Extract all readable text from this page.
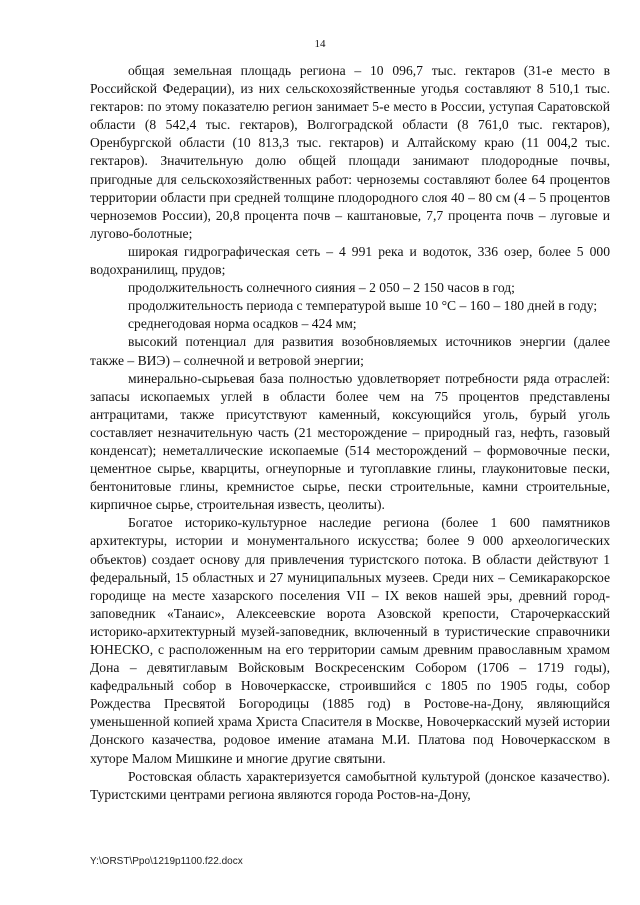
14

общая земельная площадь региона – 10 096,7 тыс. гектаров (31-е место в Российской Федерации), из них сельскохозяйственные угодья составляют 8 510,1 тыс. гектаров: по этому показателю регион занимает 5-е место в России, уступая Саратовской области (8 542,4 тыс. гектаров), Волгоградской области (8 761,0 тыс. гектаров), Оренбургской области (10 813,3 тыс. гектаров) и Алтайскому краю (11 004,2 тыс. гектаров). Значительную долю общей площади занимают плодородные почвы, пригодные для сельскохозяйственных работ: черноземы составляют более 64 процентов территории области при средней толщине плодородного слоя 40 – 80 см (4 – 5 процентов черноземов России), 20,8 процента почв – каштановые, 7,7 процента почв – луговые и лугово-болотные;

широкая гидрографическая сеть – 4 991 река и водоток, 336 озер, более 5 000 водохранилищ, прудов;

продолжительность солнечного сияния – 2 050 – 2 150 часов в год;

продолжительность периода с температурой выше 10 °С – 160 – 180 дней в году;

среднегодовая норма осадков – 424 мм;

высокий потенциал для развития возобновляемых источников энергии (далее также – ВИЭ) – солнечной и ветровой энергии;

минерально-сырьевая база полностью удовлетворяет потребности ряда отраслей: запасы ископаемых углей в области более чем на 75 процентов представлены антрацитами, также присутствуют каменный, коксующийся уголь, бурый уголь составляет незначительную часть (21 месторождение – природный газ, нефть, газовый конденсат); неметаллические ископаемые (514 месторождений – формовочные пески, цементное сырье, кварциты, огнеупорные и тугоплавкие глины, глауконитовые пески, бентонитовые глины, кремнистое сырье, пески строительные, камни строительные, кирпичное сырье, строительная известь, цеолиты).

Богатое историко-культурное наследие региона (более 1 600 памятников архитектуры, истории и монументального искусства; более 9 000 археологических объектов) создает основу для привлечения туристского потока. В области действуют 1 федеральный, 15 областных и 27 муниципальных музеев. Среди них – Семикаракорское городище на месте хазарского поселения VII – IX веков нашей эры, древний город-заповедник «Танаис», Алексеевские ворота Азовской крепости, Старочеркасский историко-архитектурный музей-заповедник, включенный в туристические справочники ЮНЕСКО, с расположенным на его территории самым древним православным храмом Дона – девятиглавым Войсковым Воскресенским Собором (1706 – 1719 годы), кафедральный собор в Новочеркасске, строившийся с 1805 по 1905 годы, собор Рождества Пресвятой Богородицы (1885 год) в Ростове-на-Дону, являющийся уменьшенной копией храма Христа Спасителя в Москве, Новочеркасский музей истории Донского казачества, родовое имение атамана М.И. Платова под Новочеркасском в хуторе Малом Мишкине и многие другие святыни.

Ростовская область характеризуется самобытной культурой (донское казачество). Туристскими центрами региона являются города Ростов-на-Дону,

Y:\ORST\Ppo\1219p1100.f22.docx
